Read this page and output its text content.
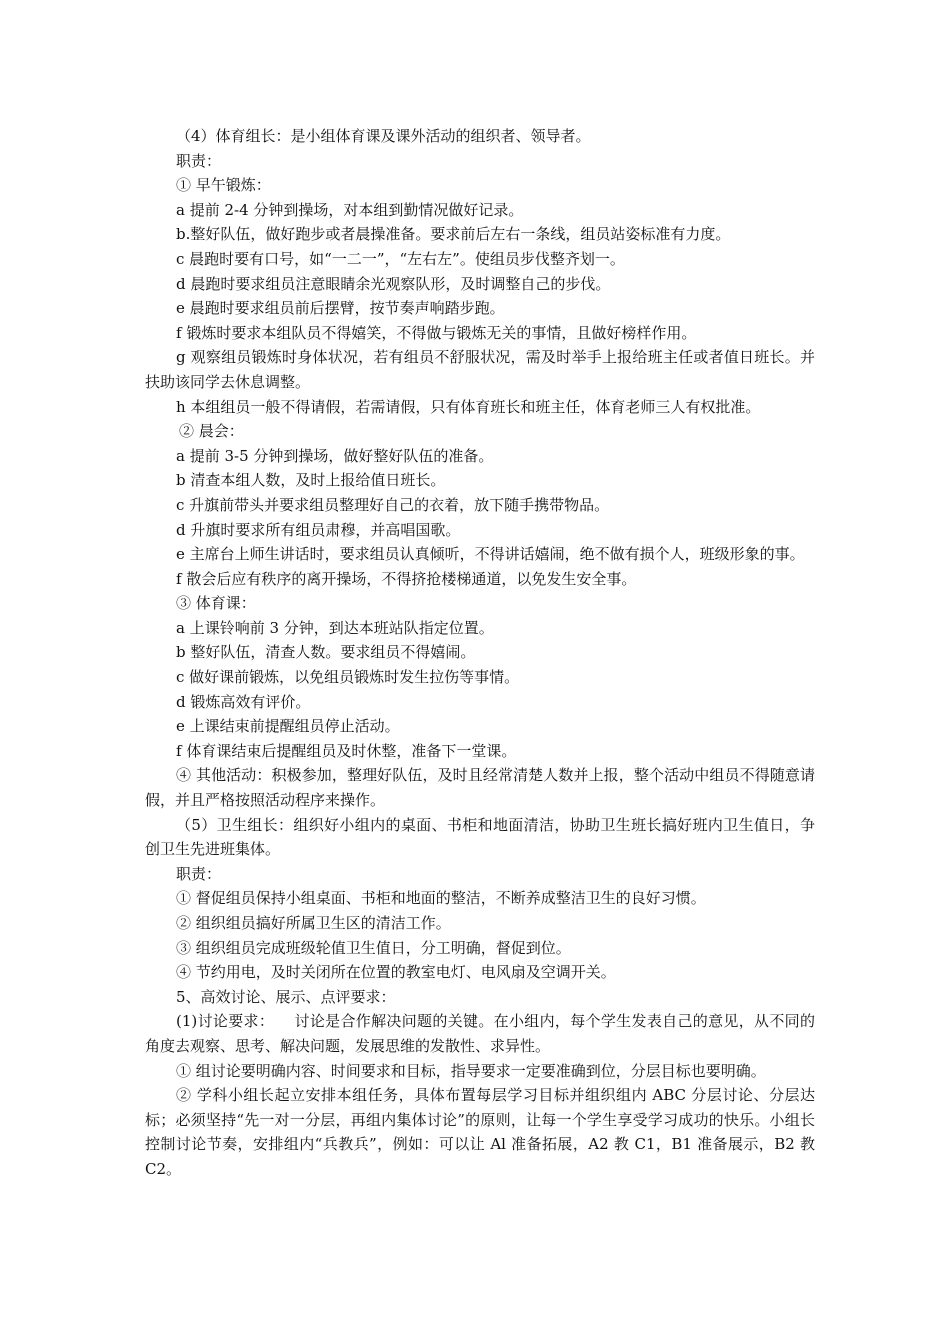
（4）体育组长：是小组体育课及课外活动的组织者、领导者。

职责：

① 早午锻炼：

a 提前 2-4 分钟到操场，对本组到勤情况做好记录。

b.整好队伍，做好跑步或者晨操准备。要求前后左右一条线，组员站姿标准有力度。

c 晨跑时要有口号，如“一二一”，“左右左”。使组员步伐整齐划一。

d 晨跑时要求组员注意眼睛余光观察队形，及时调整自己的步伐。

e 晨跑时要求组员前后摆臂，按节奏声响踏步跑。

f 锻炼时要求本组队员不得嬉笑，不得做与锻炼无关的事情，且做好榜样作用。

g 观察组员锻炼时身体状况，若有组员不舒服状况，需及时举手上报给班主任或者值日班长。并扶助该同学去休息调整。

h 本组组员一般不得请假，若需请假，只有体育班长和班主任，体育老师三人有权批准。

② 晨会：

a 提前 3-5 分钟到操场，做好整好队伍的准备。

b 清查本组人数，及时上报给值日班长。

c 升旗前带头并要求组员整理好自己的衣着，放下随手携带物品。

d 升旗时要求所有组员肃穆，并高唱国歌。

e 主席台上师生讲话时，要求组员认真倾听，不得讲话嬉闹，绝不做有损个人，班级形象的事。

f 散会后应有秩序的离开操场，不得挤抢楼梯通道，以免发生安全事。

③ 体育课：

a 上课铃响前 3 分钟，到达本班站队指定位置。

b 整好队伍，清查人数。要求组员不得嬉闹。

c 做好课前锻炼，以免组员锻炼时发生拉伤等事情。

d 锻炼高效有评价。

e 上课结束前提醒组员停止活动。

f 体育课结束后提醒组员及时休整，准备下一堂课。

④ 其他活动：积极参加，整理好队伍，及时且经常清楚人数并上报，整个活动中组员不得随意请假，并且严格按照活动程序来操作。

（5）卫生组长：组织好小组内的桌面、书柜和地面清洁，协助卫生班长搞好班内卫生值日，争创卫生先进班集体。

职责：

① 督促组员保持小组桌面、书柜和地面的整洁，不断养成整洁卫生的良好习惯。

② 组织组员搞好所属卫生区的清洁工作。

③ 组织组员完成班级轮值卫生值日，分工明确，督促到位。

④ 节约用电，及时关闭所在位置的教室电灯、电风扇及空调开关。

5、高效讨论、展示、点评要求：

(1)讨论要求：    讨论是合作解决问题的关键。在小组内，每个学生发表自己的意见，从不同的角度去观察、思考、解决问题，发展思维的发散性、求异性。

① 组讨论要明确内容、时间要求和目标，指导要求一定要准确到位，分层目标也要明确。

② 学科小组长起立安排本组任务，具体布置每层学习目标并组织组内 ABC 分层讨论、分层达标；必须坚持“先一对一分层，再组内集体讨论”的原则，让每一个学生享受学习成功的快乐。小组长控制讨论节奏，安排组内“兵教兵”，例如：可以让 Al 准备拓展，A2 教 C1，B1 准备展示，B2 教 C2。
